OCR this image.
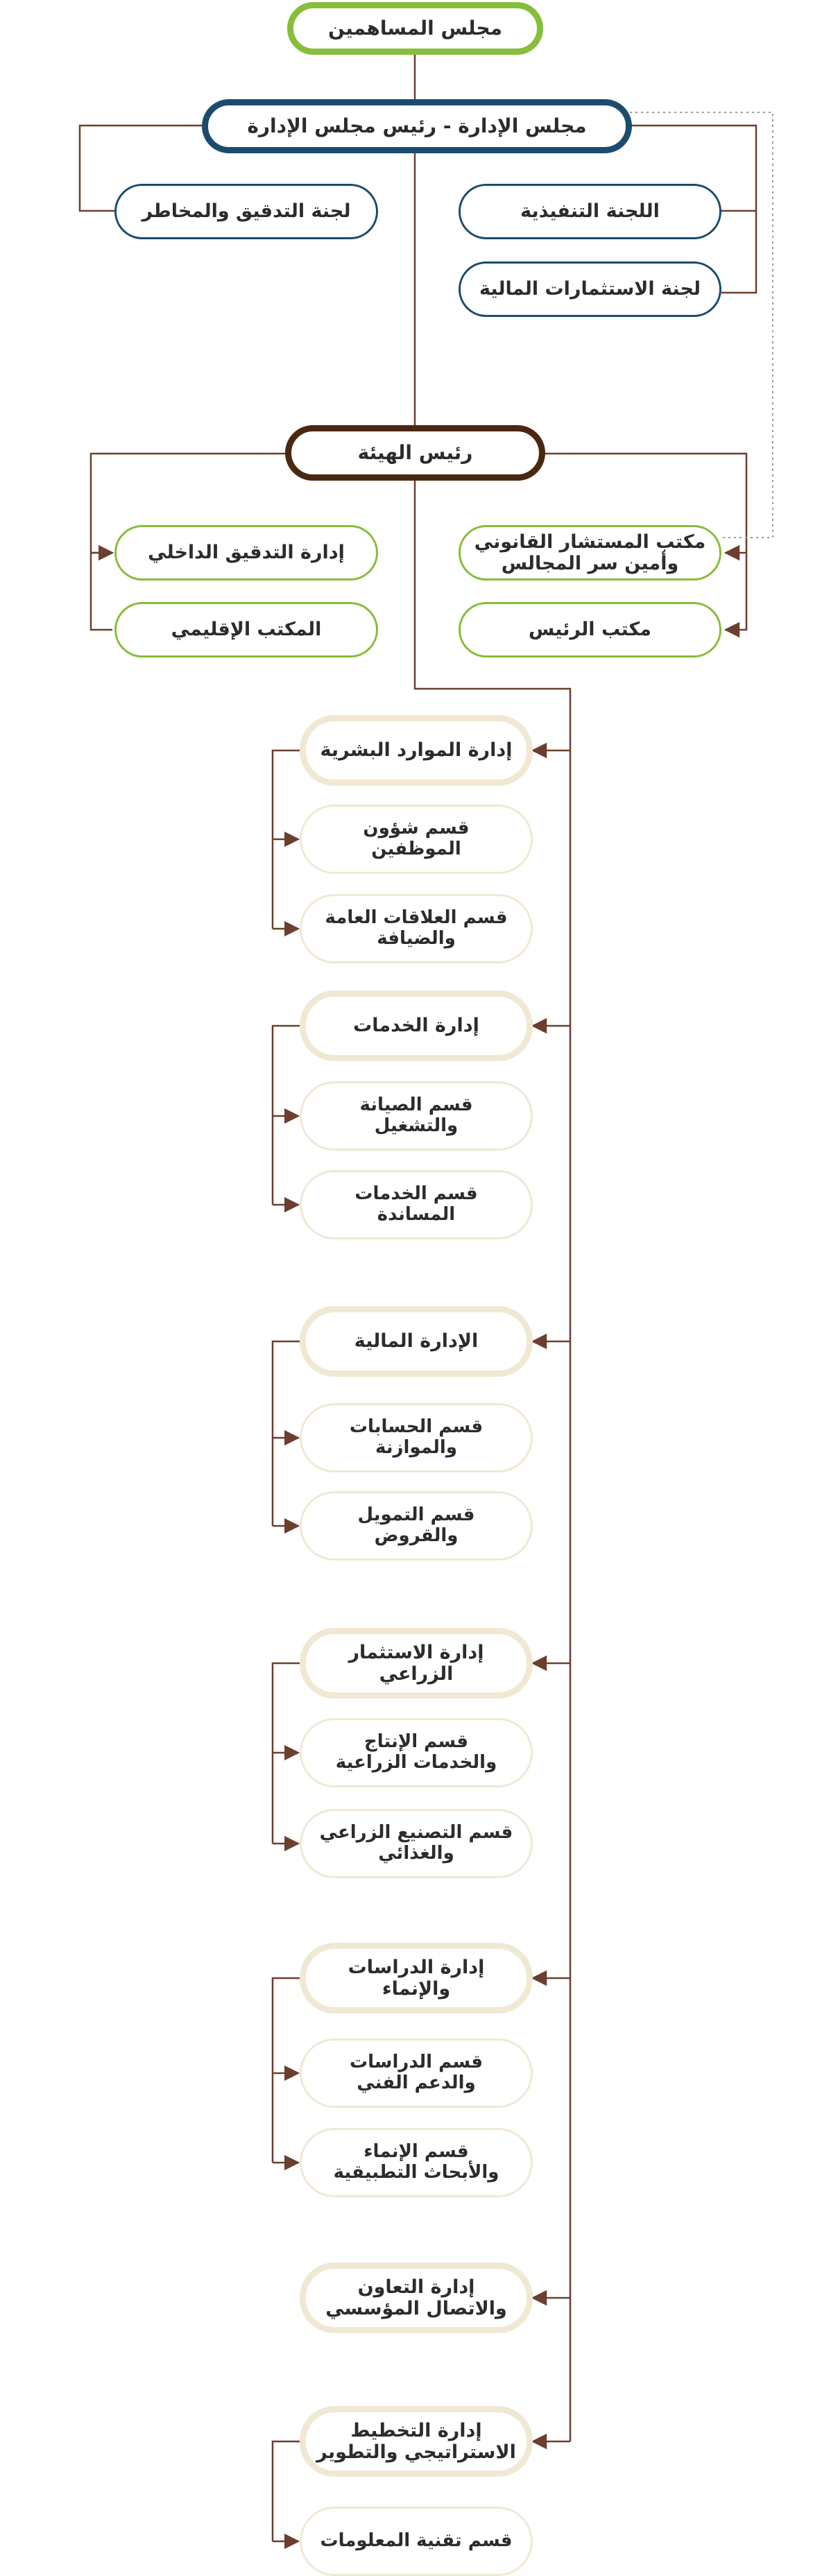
مجلس المساهمين
مجلس الإدارة - رئيس مجلس الإدارة
لجنة التدقيق والمخاطر	اللجنة التنفيذية
لجنة الاستثمارات المالية
رئيس الهيئة
إدارة التدقيق الداخلي
المكتب الإقليمي
مكتب المستشار القانوني
وأمين سر المجالس
مكتب الرئيس
إدارة الموارد البشرية
قسم شؤون
الموظفين
قسم العلاقات العامة
والضيافة
إدارة الخدمات
قسم الصيانة
والتشغيل
قسم الخدمات
المساندة
الإدارة المالية
قسم الحسابات
والموازنة
قسم التمويل
والقروض
إدارة الاستثمار الزراعي
قسم الإنتاج
والخدمات الزراعية
قسم التصنيع الزراعي
والغذائي
إدارة الدراسات والإنماء
قسم الدراسات
والدعم الفني
قسم الإنماء
والأبحاث التطبيقية
إدارة التعاون
والاتصال المؤسسي
إدارة التخطيط
الاستراتيجي والتطوير
قسم تقنية المعلومات
